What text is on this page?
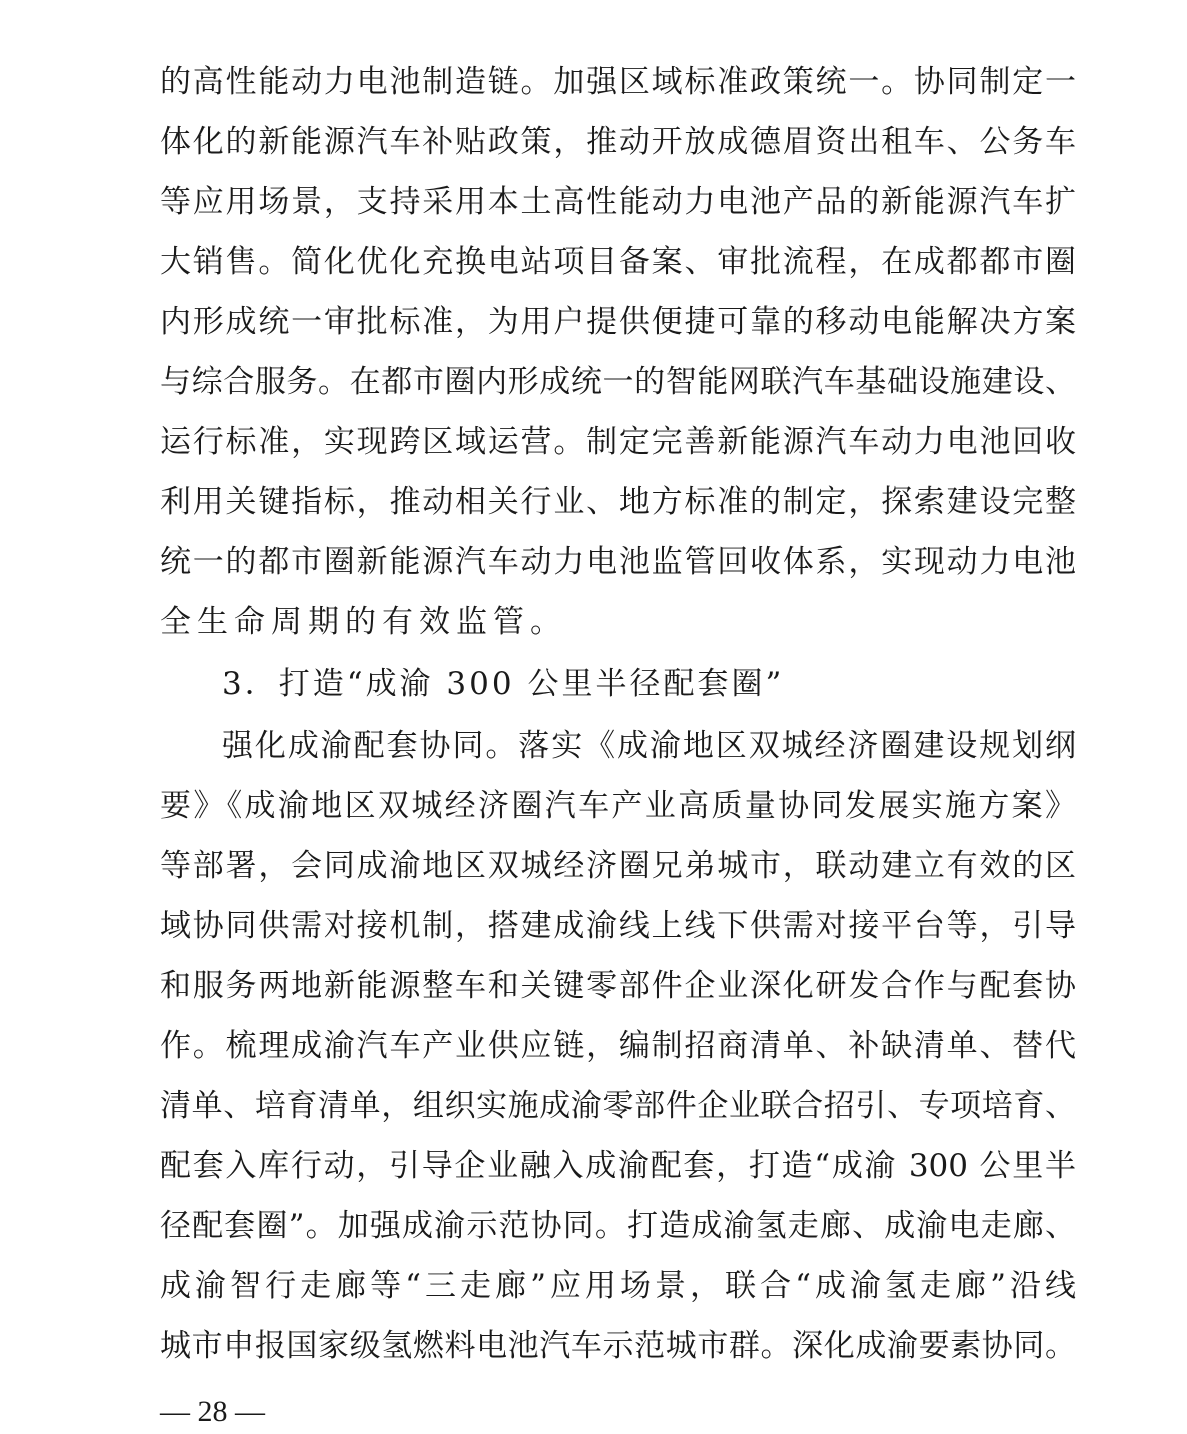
的高性能动力电池制造链。加强区域标准政策统一。协同制定一
体化的新能源汽车补贴政策，推动开放成德眉资出租车、公务车
等应用场景，支持采用本土高性能动力电池产品的新能源汽车扩
大销售。简化优化充换电站项目备案、审批流程，在成都都市圈
内形成统一审批标准，为用户提供便捷可靠的移动电能解决方案
与综合服务。在都市圈内形成统一的智能网联汽车基础设施建设、
运行标准，实现跨区域运营。制定完善新能源汽车动力电池回收
利用关键指标，推动相关行业、地方标准的制定，探索建设完整
统一的都市圈新能源汽车动力电池监管回收体系，实现动力电池
全生命周期的有效监管。
3．打造“成渝 300 公里半径配套圈”
强化成渝配套协同。落实《成渝地区双城经济圈建设规划纲
要》《成渝地区双城经济圈汽车产业高质量协同发展实施方案》
等部署，会同成渝地区双城经济圈兄弟城市，联动建立有效的区
域协同供需对接机制，搭建成渝线上线下供需对接平台等，引导
和服务两地新能源整车和关键零部件企业深化研发合作与配套协
作。梳理成渝汽车产业供应链，编制招商清单、补缺清单、替代
清单、培育清单，组织实施成渝零部件企业联合招引、专项培育、
配套入库行动，引导企业融入成渝配套，打造“成渝 300 公里半
径配套圈”。加强成渝示范协同。打造成渝氢走廊、成渝电走廊、
成渝智行走廊等“三走廊”应用场景，联合“成渝氢走廊”沿线
城市申报国家级氢燃料电池汽车示范城市群。深化成渝要素协同。
— 28 —
